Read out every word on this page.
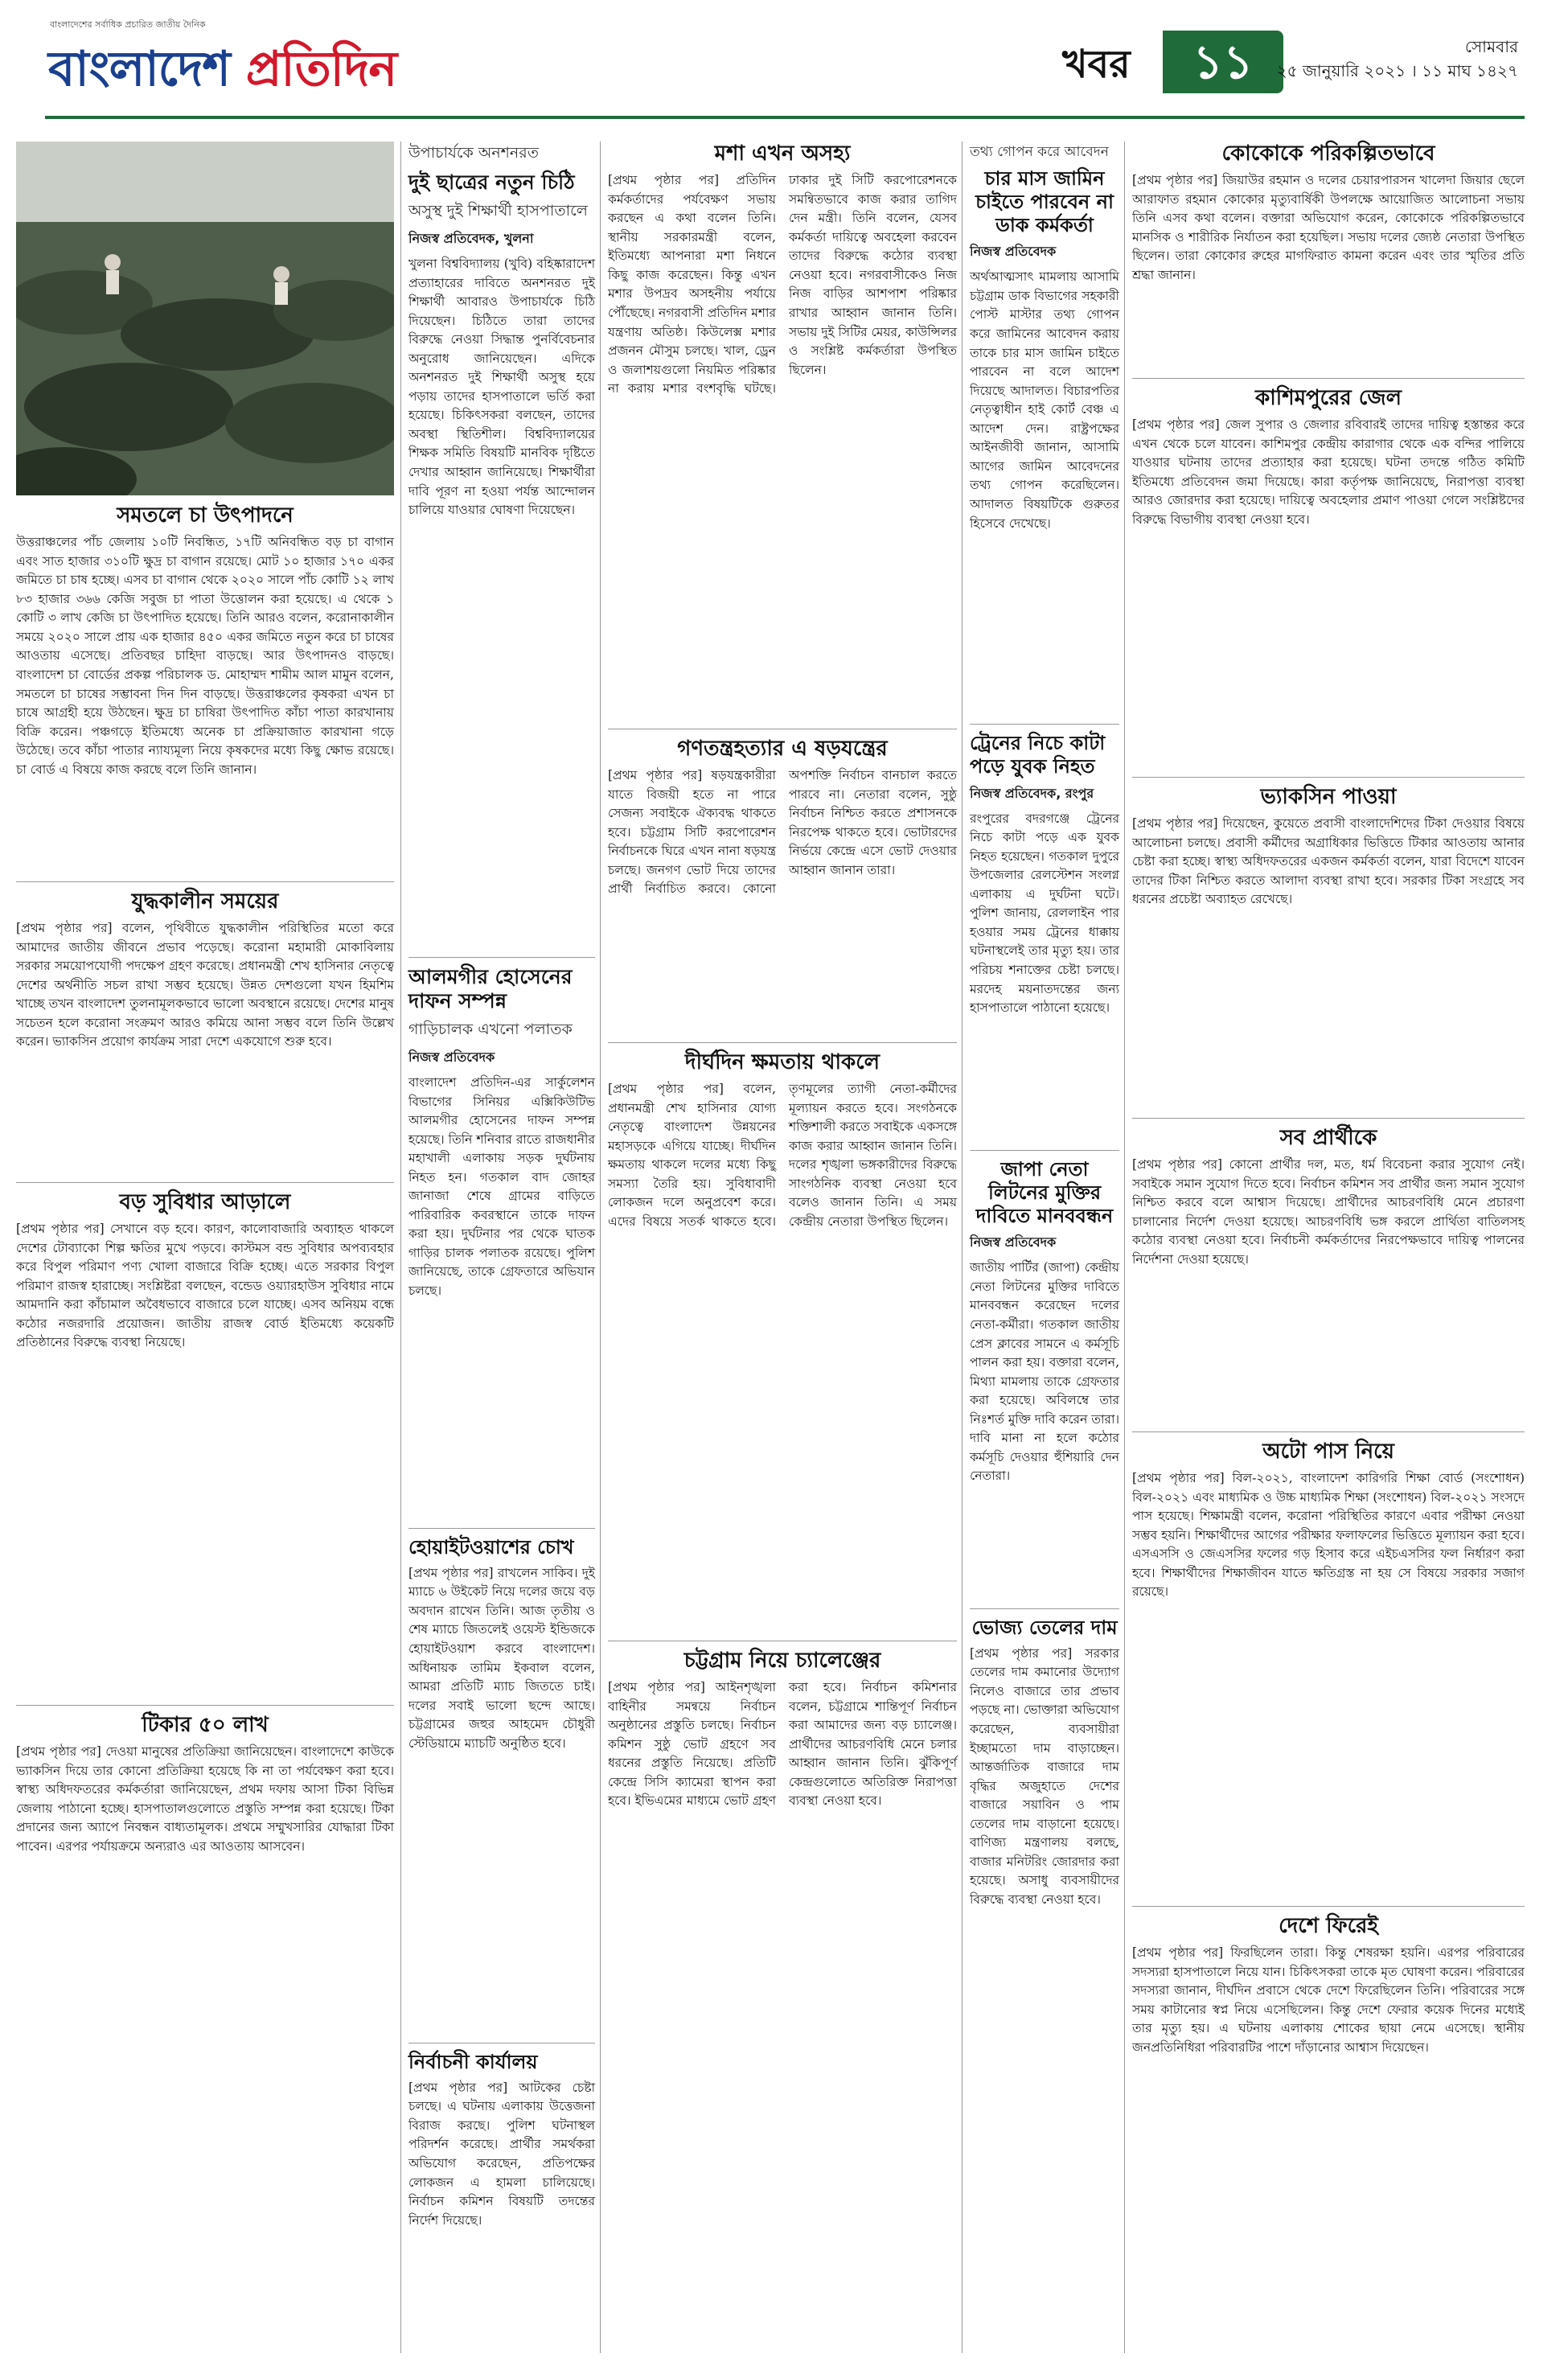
বাংলাদেশের সর্বাধিক প্রচারিত জাতীয় দৈনিক
বাংলাদেশ প্রতিদিন	খবর	১১	সোমবার
২৫ জানুয়ারি ২০২১ । ১১ মাঘ ১৪২৭
সমতলে চা উৎপাদনে

উত্তরাঞ্চলের পাঁচ জেলায় ১০টি নিবন্ধিত, ১৭টি অনিবন্ধিত বড় চা বাগান এবং সাত হাজার ৩১০টি ক্ষুদ্র চা বাগান রয়েছে। মোট ১০ হাজার ১৭০ একর জমিতে চা চাষ হচ্ছে। এসব চা বাগান থেকে ২০২০ সালে পাঁচ কোটি ১২ লাখ ৮৩ হাজার ৩৬৬ কেজি সবুজ চা পাতা উত্তোলন করা হয়েছে। এ থেকে ১ কোটি ৩ লাখ কেজি চা উৎপাদিত হয়েছে। তিনি আরও বলেন, করোনাকালীন সময়ে ২০২০ সালে প্রায় এক হাজার ৪৫০ একর জমিতে নতুন করে চা চাষের আওতায় এসেছে। প্রতিবছর চাহিদা বাড়ছে। আর উৎপাদনও বাড়ছে। বাংলাদেশ চা বোর্ডের প্রকল্প পরিচালক ড. মোহাম্মদ শামীম আল মামুন বলেন, সমতলে চা চাষের সম্ভাবনা দিন দিন বাড়ছে। উত্তরাঞ্চলের কৃষকরা এখন চা চাষে আগ্রহী হয়ে উঠছেন। ক্ষুদ্র চা চাষিরা উৎপাদিত কাঁচা পাতা কারখানায় বিক্রি করেন। পঞ্চগড়ে ইতিমধ্যে অনেক চা প্রক্রিয়াজাত কারখানা গড়ে উঠেছে। তবে কাঁচা পাতার ন্যায্যমূল্য নিয়ে কৃষকদের মধ্যে কিছু ক্ষোভ রয়েছে। চা বোর্ড এ বিষয়ে কাজ করছে বলে তিনি জানান।

যুদ্ধকালীন সময়ের

[প্রথম পৃষ্ঠার পর] বলেন, পৃথিবীতে যুদ্ধকালীন পরিস্থিতির মতো করে আমাদের জাতীয় জীবনে প্রভাব পড়েছে। করোনা মহামারী মোকাবিলায় সরকার সময়োপযোগী পদক্ষেপ গ্রহণ করেছে। প্রধানমন্ত্রী শেখ হাসিনার নেতৃত্বে দেশের অর্থনীতি সচল রাখা সম্ভব হয়েছে। উন্নত দেশগুলো যখন হিমশিম খাচ্ছে তখন বাংলাদেশ তুলনামূলকভাবে ভালো অবস্থানে রয়েছে। দেশের মানুষ সচেতন হলে করোনা সংক্রমণ আরও কমিয়ে আনা সম্ভব বলে তিনি উল্লেখ করেন। ভ্যাকসিন প্রয়োগ কার্যক্রম সারা দেশে একযোগে শুরু হবে।

বড় সুবিধার আড়ালে

[প্রথম পৃষ্ঠার পর] সেখানে বড় হবে। কারণ, কালোবাজারি অব্যাহত থাকলে দেশের টোব্যাকো শিল্প ক্ষতির মুখে পড়বে। কাস্টমস বন্ড সুবিধার অপব্যবহার করে বিপুল পরিমাণ পণ্য খোলা বাজারে বিক্রি হচ্ছে। এতে সরকার বিপুল পরিমাণ রাজস্ব হারাচ্ছে। সংশ্লিষ্টরা বলছেন, বন্ডেড ওয়্যারহাউস সুবিধার নামে আমদানি করা কাঁচামাল অবৈধভাবে বাজারে চলে যাচ্ছে। এসব অনিয়ম বন্ধে কঠোর নজরদারি প্রয়োজন। জাতীয় রাজস্ব বোর্ড ইতিমধ্যে কয়েকটি প্রতিষ্ঠানের বিরুদ্ধে ব্যবস্থা নিয়েছে।

টিকার ৫০ লাখ

[প্রথম পৃষ্ঠার পর] দেওয়া মানুষের প্রতিক্রিয়া জানিয়েছেন। বাংলাদেশে কাউকে ভ্যাকসিন দিয়ে তার কোনো প্রতিক্রিয়া হয়েছে কি না তা পর্যবেক্ষণ করা হবে। স্বাস্থ্য অধিদফতরের কর্মকর্তারা জানিয়েছেন, প্রথম দফায় আসা টিকা বিভিন্ন জেলায় পাঠানো হচ্ছে। হাসপাতালগুলোতে প্রস্তুতি সম্পন্ন করা হয়েছে। টিকা প্রদানের জন্য অ্যাপে নিবন্ধন বাধ্যতামূলক। প্রথমে সম্মুখসারির যোদ্ধারা টিকা পাবেন। এরপর পর্যায়ক্রমে অন্যরাও এর আওতায় আসবেন।

উপাচার্যকে অনশনরত
দুই ছাত্রের নতুন চিঠি
অসুস্থ দুই শিক্ষার্থী হাসপাতালে
নিজস্ব প্রতিবেদক, খুলনা

খুলনা বিশ্ববিদ্যালয় (খুবি) বহিষ্কারাদেশ প্রত্যাহারের দাবিতে অনশনরত দুই শিক্ষার্থী আবারও উপাচার্যকে চিঠি দিয়েছেন। চিঠিতে তারা তাদের বিরুদ্ধে নেওয়া সিদ্ধান্ত পুনর্বিবেচনার অনুরোধ জানিয়েছেন। এদিকে অনশনরত দুই শিক্ষার্থী অসুস্থ হয়ে পড়ায় তাদের হাসপাতালে ভর্তি করা হয়েছে। চিকিৎসকরা বলছেন, তাদের অবস্থা স্থিতিশীল। বিশ্ববিদ্যালয়ের শিক্ষক সমিতি বিষয়টি মানবিক দৃষ্টিতে দেখার আহ্বান জানিয়েছে। শিক্ষার্থীরা দাবি পূরণ না হওয়া পর্যন্ত আন্দোলন চালিয়ে যাওয়ার ঘোষণা দিয়েছেন।

আলমগীর হোসেনের দাফন সম্পন্ন
গাড়িচালক এখনো পলাতক
নিজস্ব প্রতিবেদক

বাংলাদেশ প্রতিদিন-এর সার্কুলেশন বিভাগের সিনিয়র এক্সিকিউটিভ আলমগীর হোসেনের দাফন সম্পন্ন হয়েছে। তিনি শনিবার রাতে রাজধানীর মহাখালী এলাকায় সড়ক দুর্ঘটনায় নিহত হন। গতকাল বাদ জোহর জানাজা শেষে গ্রামের বাড়িতে পারিবারিক কবরস্থানে তাকে দাফন করা হয়। দুর্ঘটনার পর থেকে ঘাতক গাড়ির চালক পলাতক রয়েছে। পুলিশ জানিয়েছে, তাকে গ্রেফতারে অভিযান চলছে।

হোয়াইটওয়াশের চোখ

[প্রথম পৃষ্ঠার পর] রাখলেন সাকিব। দুই ম্যাচে ৬ উইকেট নিয়ে দলের জয়ে বড় অবদান রাখেন তিনি। আজ তৃতীয় ও শেষ ম্যাচে জিতলেই ওয়েস্ট ইন্ডিজকে হোয়াইটওয়াশ করবে বাংলাদেশ। অধিনায়ক তামিম ইকবাল বলেন, আমরা প্রতিটি ম্যাচ জিততে চাই। দলের সবাই ভালো ছন্দে আছে। চট্টগ্রামের জহুর আহমেদ চৌধুরী স্টেডিয়ামে ম্যাচটি অনুষ্ঠিত হবে।

নির্বাচনী কার্যালয়

[প্রথম পৃষ্ঠার পর] আটকের চেষ্টা চলছে। এ ঘটনায় এলাকায় উত্তেজনা বিরাজ করছে। পুলিশ ঘটনাস্থল পরিদর্শন করেছে। প্রার্থীর সমর্থকরা অভিযোগ করেছেন, প্রতিপক্ষের লোকজন এ হামলা চালিয়েছে। নির্বাচন কমিশন বিষয়টি তদন্তের নির্দেশ দিয়েছে।

মশা এখন অসহ্য

[প্রথম পৃষ্ঠার পর] প্রতিদিন কর্মকর্তাদের পর্যবেক্ষণ সভায় করছেন এ কথা বলেন তিনি। স্থানীয় সরকারমন্ত্রী বলেন, ইতিমধ্যে আপনারা মশা নিধনে কিছু কাজ করেছেন। কিন্তু এখন মশার উপদ্রব অসহনীয় পর্যায়ে পৌঁছেছে। নগরবাসী প্রতিদিন মশার যন্ত্রণায় অতিষ্ঠ। কিউলেক্স মশার প্রজনন মৌসুম চলছে। খাল, ড্রেন ও জলাশয়গুলো নিয়মিত পরিষ্কার না করায় মশার বংশবৃদ্ধি ঘটছে। ঢাকার দুই সিটি করপোরেশনকে সমন্বিতভাবে কাজ করার তাগিদ দেন মন্ত্রী। তিনি বলেন, যেসব কর্মকর্তা দায়িত্বে অবহেলা করবেন তাদের বিরুদ্ধে কঠোর ব্যবস্থা নেওয়া হবে। নগরবাসীকেও নিজ নিজ বাড়ির আশপাশ পরিষ্কার রাখার আহ্বান জানান তিনি। সভায় দুই সিটির মেয়র, কাউন্সিলর ও সংশ্লিষ্ট কর্মকর্তারা উপস্থিত ছিলেন।

গণতন্ত্রহত্যার এ ষড়যন্ত্রের

[প্রথম পৃষ্ঠার পর] ষড়যন্ত্রকারীরা যাতে বিজয়ী হতে না পারে সেজন্য সবাইকে ঐক্যবদ্ধ থাকতে হবে। চট্টগ্রাম সিটি করপোরেশন নির্বাচনকে ঘিরে এখন নানা ষড়যন্ত্র চলছে। জনগণ ভোট দিয়ে তাদের প্রার্থী নির্বাচিত করবে। কোনো অপশক্তি নির্বাচন বানচাল করতে পারবে না। নেতারা বলেন, সুষ্ঠু নির্বাচন নিশ্চিত করতে প্রশাসনকে নিরপেক্ষ থাকতে হবে। ভোটারদের নির্ভয়ে কেন্দ্রে এসে ভোট দেওয়ার আহ্বান জানান তারা।

দীর্ঘদিন ক্ষমতায় থাকলে

[প্রথম পৃষ্ঠার পর] বলেন, প্রধানমন্ত্রী শেখ হাসিনার যোগ্য নেতৃত্বে বাংলাদেশ উন্নয়নের মহাসড়কে এগিয়ে যাচ্ছে। দীর্ঘদিন ক্ষমতায় থাকলে দলের মধ্যে কিছু সমস্যা তৈরি হয়। সুবিধাবাদী লোকজন দলে অনুপ্রবেশ করে। এদের বিষয়ে সতর্ক থাকতে হবে। তৃণমূলের ত্যাগী নেতা-কর্মীদের মূল্যায়ন করতে হবে। সংগঠনকে শক্তিশালী করতে সবাইকে একসঙ্গে কাজ করার আহ্বান জানান তিনি। দলের শৃঙ্খলা ভঙ্গকারীদের বিরুদ্ধে সাংগঠনিক ব্যবস্থা নেওয়া হবে বলেও জানান তিনি। এ সময় কেন্দ্রীয় নেতারা উপস্থিত ছিলেন।

চট্টগ্রাম নিয়ে চ্যালেঞ্জের

[প্রথম পৃষ্ঠার পর] আইনশৃঙ্খলা বাহিনীর সমন্বয়ে নির্বাচন অনুষ্ঠানের প্রস্তুতি চলছে। নির্বাচন কমিশন সুষ্ঠু ভোট গ্রহণে সব ধরনের প্রস্তুতি নিয়েছে। প্রতিটি কেন্দ্রে সিসি ক্যামেরা স্থাপন করা হবে। ইভিএমের মাধ্যমে ভোট গ্রহণ করা হবে। নির্বাচন কমিশনার বলেন, চট্টগ্রামে শান্তিপূর্ণ নির্বাচন করা আমাদের জন্য বড় চ্যালেঞ্জ। প্রার্থীদের আচরণবিধি মেনে চলার আহ্বান জানান তিনি। ঝুঁকিপূর্ণ কেন্দ্রগুলোতে অতিরিক্ত নিরাপত্তা ব্যবস্থা নেওয়া হবে।

তথ্য গোপন করে আবেদন
চার মাস জামিন চাইতে পারবেন না ডাক কর্মকর্তা
নিজস্ব প্রতিবেদক

অর্থআত্মসাৎ মামলায় আসামি চট্টগ্রাম ডাক বিভাগের সহকারী পোস্ট মাস্টার তথ্য গোপন করে জামিনের আবেদন করায় তাকে চার মাস জামিন চাইতে পারবেন না বলে আদেশ দিয়েছে আদালত। বিচারপতির নেতৃত্বাধীন হাই কোর্ট বেঞ্চ এ আদেশ দেন। রাষ্ট্রপক্ষের আইনজীবী জানান, আসামি আগের জামিন আবেদনের তথ্য গোপন করেছিলেন। আদালত বিষয়টিকে গুরুতর হিসেবে দেখেছে।

ট্রেনের নিচে কাটা পড়ে যুবক নিহত
নিজস্ব প্রতিবেদক, রংপুর

রংপুরের বদরগঞ্জে ট্রেনের নিচে কাটা পড়ে এক যুবক নিহত হয়েছেন। গতকাল দুপুরে উপজেলার রেলস্টেশন সংলগ্ন এলাকায় এ দুর্ঘটনা ঘটে। পুলিশ জানায়, রেললাইন পার হওয়ার সময় ট্রেনের ধাক্কায় ঘটনাস্থলেই তার মৃত্যু হয়। তার পরিচয় শনাক্তের চেষ্টা চলছে। মরদেহ ময়নাতদন্তের জন্য হাসপাতালে পাঠানো হয়েছে।

জাপা নেতা লিটনের মুক্তির দাবিতে মানববন্ধন
নিজস্ব প্রতিবেদক

জাতীয় পার্টির (জাপা) কেন্দ্রীয় নেতা লিটনের মুক্তির দাবিতে মানববন্ধন করেছেন দলের নেতা-কর্মীরা। গতকাল জাতীয় প্রেস ক্লাবের সামনে এ কর্মসূচি পালন করা হয়। বক্তারা বলেন, মিথ্যা মামলায় তাকে গ্রেফতার করা হয়েছে। অবিলম্বে তার নিঃশর্ত মুক্তি দাবি করেন তারা। দাবি মানা না হলে কঠোর কর্মসূচি দেওয়ার হুঁশিয়ারি দেন নেতারা।

ভোজ্য তেলের দাম

[প্রথম পৃষ্ঠার পর] সরকার তেলের দাম কমানোর উদ্যোগ নিলেও বাজারে তার প্রভাব পড়ছে না। ভোক্তারা অভিযোগ করেছেন, ব্যবসায়ীরা ইচ্ছামতো দাম বাড়াচ্ছেন। আন্তর্জাতিক বাজারে দাম বৃদ্ধির অজুহাতে দেশের বাজারে সয়াবিন ও পাম তেলের দাম বাড়ানো হয়েছে। বাণিজ্য মন্ত্রণালয় বলছে, বাজার মনিটরিং জোরদার করা হয়েছে। অসাধু ব্যবসায়ীদের বিরুদ্ধে ব্যবস্থা নেওয়া হবে।

কোকোকে পরিকল্পিতভাবে

[প্রথম পৃষ্ঠার পর] জিয়াউর রহমান ও দলের চেয়ারপারসন খালেদা জিয়ার ছেলে আরাফাত রহমান কোকোর মৃত্যুবার্ষিকী উপলক্ষে আয়োজিত আলোচনা সভায় তিনি এসব কথা বলেন। বক্তারা অভিযোগ করেন, কোকোকে পরিকল্পিতভাবে মানসিক ও শারীরিক নির্যাতন করা হয়েছিল। সভায় দলের জ্যেষ্ঠ নেতারা উপস্থিত ছিলেন। তারা কোকোর রুহের মাগফিরাত কামনা করেন এবং তার স্মৃতির প্রতি শ্রদ্ধা জানান।

কাশিমপুরের জেল

[প্রথম পৃষ্ঠার পর] জেল সুপার ও জেলার রবিবারই তাদের দায়িত্ব হস্তান্তর করে এখন থেকে চলে যাবেন। কাশিমপুর কেন্দ্রীয় কারাগার থেকে এক বন্দির পালিয়ে যাওয়ার ঘটনায় তাদের প্রত্যাহার করা হয়েছে। ঘটনা তদন্তে গঠিত কমিটি ইতিমধ্যে প্রতিবেদন জমা দিয়েছে। কারা কর্তৃপক্ষ জানিয়েছে, নিরাপত্তা ব্যবস্থা আরও জোরদার করা হয়েছে। দায়িত্বে অবহেলার প্রমাণ পাওয়া গেলে সংশ্লিষ্টদের বিরুদ্ধে বিভাগীয় ব্যবস্থা নেওয়া হবে।

ভ্যাকসিন পাওয়া

[প্রথম পৃষ্ঠার পর] দিয়েছেন, কুয়েতে প্রবাসী বাংলাদেশিদের টিকা দেওয়ার বিষয়ে আলোচনা চলছে। প্রবাসী কর্মীদের অগ্রাধিকার ভিত্তিতে টিকার আওতায় আনার চেষ্টা করা হচ্ছে। স্বাস্থ্য অধিদফতরের একজন কর্মকর্তা বলেন, যারা বিদেশে যাবেন তাদের টিকা নিশ্চিত করতে আলাদা ব্যবস্থা রাখা হবে। সরকার টিকা সংগ্রহে সব ধরনের প্রচেষ্টা অব্যাহত রেখেছে।

সব প্রার্থীকে

[প্রথম পৃষ্ঠার পর] কোনো প্রার্থীর দল, মত, ধর্ম বিবেচনা করার সুযোগ নেই। সবাইকে সমান সুযোগ দিতে হবে। নির্বাচন কমিশন সব প্রার্থীর জন্য সমান সুযোগ নিশ্চিত করবে বলে আশ্বাস দিয়েছে। প্রার্থীদের আচরণবিধি মেনে প্রচারণা চালানোর নির্দেশ দেওয়া হয়েছে। আচরণবিধি ভঙ্গ করলে প্রার্থিতা বাতিলসহ কঠোর ব্যবস্থা নেওয়া হবে। নির্বাচনী কর্মকর্তাদের নিরপেক্ষভাবে দায়িত্ব পালনের নির্দেশনা দেওয়া হয়েছে।

অটো পাস নিয়ে

[প্রথম পৃষ্ঠার পর] বিল-২০২১, বাংলাদেশ কারিগরি শিক্ষা বোর্ড (সংশোধন) বিল-২০২১ এবং মাধ্যমিক ও উচ্চ মাধ্যমিক শিক্ষা (সংশোধন) বিল-২০২১ সংসদে পাস হয়েছে। শিক্ষামন্ত্রী বলেন, করোনা পরিস্থিতির কারণে এবার পরীক্ষা নেওয়া সম্ভব হয়নি। শিক্ষার্থীদের আগের পরীক্ষার ফলাফলের ভিত্তিতে মূল্যায়ন করা হবে। এসএসসি ও জেএসসির ফলের গড় হিসাব করে এইচএসসির ফল নির্ধারণ করা হবে। শিক্ষার্থীদের শিক্ষাজীবন যাতে ক্ষতিগ্রস্ত না হয় সে বিষয়ে সরকার সজাগ রয়েছে।

দেশে ফিরেই

[প্রথম পৃষ্ঠার পর] ফিরছিলেন তারা। কিন্তু শেষরক্ষা হয়নি। এরপর পরিবারের সদস্যরা হাসপাতালে নিয়ে যান। চিকিৎসকরা তাকে মৃত ঘোষণা করেন। পরিবারের সদস্যরা জানান, দীর্ঘদিন প্রবাসে থেকে দেশে ফিরেছিলেন তিনি। পরিবারের সঙ্গে সময় কাটানোর স্বপ্ন নিয়ে এসেছিলেন। কিন্তু দেশে ফেরার কয়েক দিনের মধ্যেই তার মৃত্যু হয়। এ ঘটনায় এলাকায় শোকের ছায়া নেমে এসেছে। স্থানীয় জনপ্রতিনিধিরা পরিবারটির পাশে দাঁড়ানোর আশ্বাস দিয়েছেন।
